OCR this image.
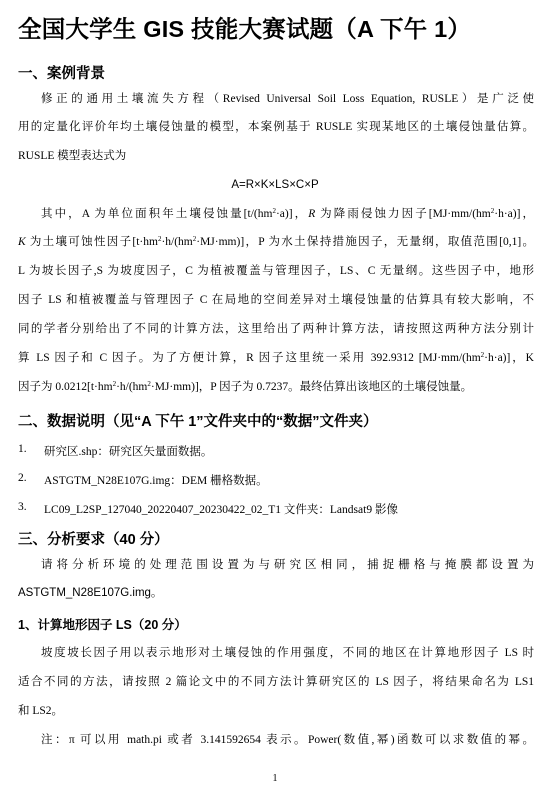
全国大学生 GIS 技能大赛试题（A 下午 1）
一、案例背景
修正的通用土壤流失方程（Revised Universal Soil Loss Equation, RUSLE）是广泛使
用的定量化评价年均土壤侵蚀量的模型，本案例基于 RUSLE 实现某地区的土壤侵蚀量估算。
RUSLE 模型表达式为
A=R×K×LS×C×P
其中，A 为单位面积年土壤侵蚀量$[t/(hm^2\cdot a)]$，R 为降雨侵蚀力因子$[MJ\cdot mm/(hm^2\cdot h\cdot a)]$，
K 为土壤可蚀性因子$[t\cdot hm^2\cdot h/(hm^2\cdot MJ\cdot mm)]$，P 为水土保持措施因子，无量纲，取值范围[0,1]。
L 为坡长因子,S 为坡度因子，C 为植被覆盖与管理因子，LS、C 无量纲。这些因子中，地形
因子 LS 和植被覆盖与管理因子 C 在局地的空间差异对土壤侵蚀量的估算具有较大影响，不
同的学者分别给出了不同的计算方法，这里给出了两种计算方法，请按照这两种方法分别计
算 LS 因子和 C 因子。为了方便计算，R 因子这里统一采用 392.9312 $[MJ\cdot mm/(hm^2\cdot h\cdot a)]$，K
因子为 $0.0212[t\cdot hm^2\cdot h/(hm^2\cdot MJ\cdot mm)]$，P 因子为 0.7237。最终估算出该地区的土壤侵蚀量。
二、数据说明（见“A 下午 1”文件夹中的“数据”文件夹）
1. 研究区.shp：研究区矢量面数据。
2. ASTGTM_N28E107G.img：DEM 栅格数据。
3. LC09_L2SP_127040_20220407_20230422_02_T1 文件夹：Landsat9 影像
三、分析要求（40 分）
请将分析环境的处理范围设置为与研究区相同，捕捉栅格与掩膜都设置为
ASTGTM_N28E107G.img。
1、计算地形因子 LS（20 分）
坡度坡长因子用以表示地形对土壤侵蚀的作用强度，不同的地区在计算地形因子 LS 时
适合不同的方法，请按照 2 篇论文中的不同方法计算研究区的 LS 因子，将结果命名为 LS1
和 LS2。
注：π 可以用 math.pi 或者 3.141592654 表示。Power(数值,幂)函数可以求数值的幂。
1
